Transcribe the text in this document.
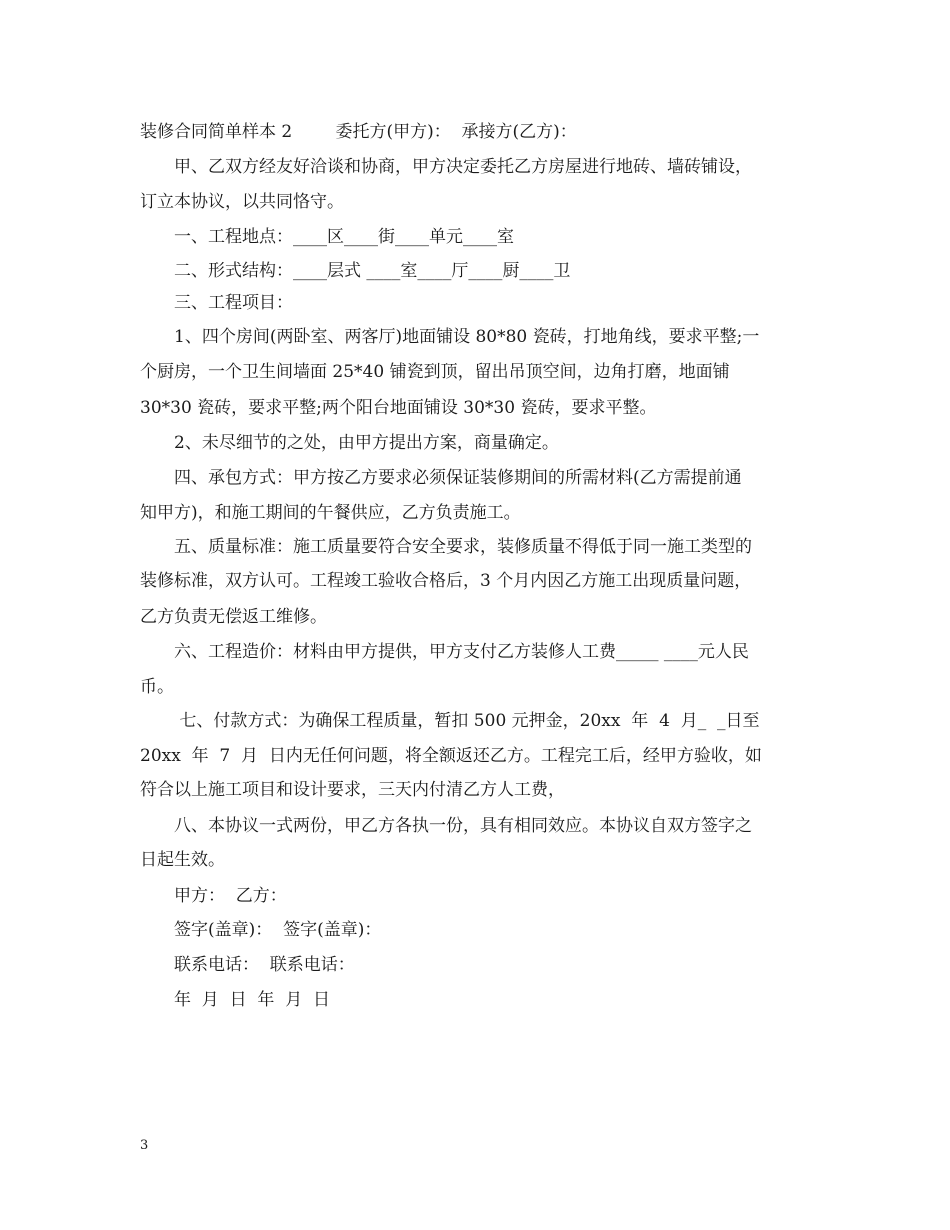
装修合同简单样本 2        委托方(甲方)：  承接方(乙方)：

甲、乙双方经友好洽谈和协商，甲方决定委托乙方房屋进行地砖、墙砖铺设，

订立本协议，以共同恪守。

一、工程地点：____区____街____单元____室

二、形式结构：____层式 ____室____厅____厨____卫

三、工程项目：

1、四个房间(两卧室、两客厅)地面铺设 80*80 瓷砖，打地角线，要求平整;一

个厨房，一个卫生间墙面 25*40 铺瓷到顶，留出吊顶空间，边角打磨，地面铺

30*30 瓷砖，要求平整;两个阳台地面铺设 30*30 瓷砖，要求平整。

2、未尽细节的之处，由甲方提出方案，商量确定。

四、承包方式：甲方按乙方要求必须保证装修期间的所需材料(乙方需提前通

知甲方)，和施工期间的午餐供应，乙方负责施工。

五、质量标准：施工质量要符合安全要求，装修质量不得低于同一施工类型的

装修标准，双方认可。工程竣工验收合格后，3 个月内因乙方施工出现质量问题，

乙方负责无偿返工维修。

六、工程造价：材料由甲方提供，甲方支付乙方装修人工费_____ ____元人民

币。

七、付款方式：为确保工程质量，暂扣 500 元押金，20xx  年  4  月_  _日至

20xx  年  7  月  日内无任何问题，将全额返还乙方。工程完工后，经甲方验收，如

符合以上施工项目和设计要求，三天内付清乙方人工费，

八、本协议一式两份，甲乙方各执一份，具有相同效应。本协议自双方签字之

日起生效。

甲方：  乙方：

签字(盖章)：  签字(盖章)：

联系电话：  联系电话：

年  月  日  年  月  日

3
